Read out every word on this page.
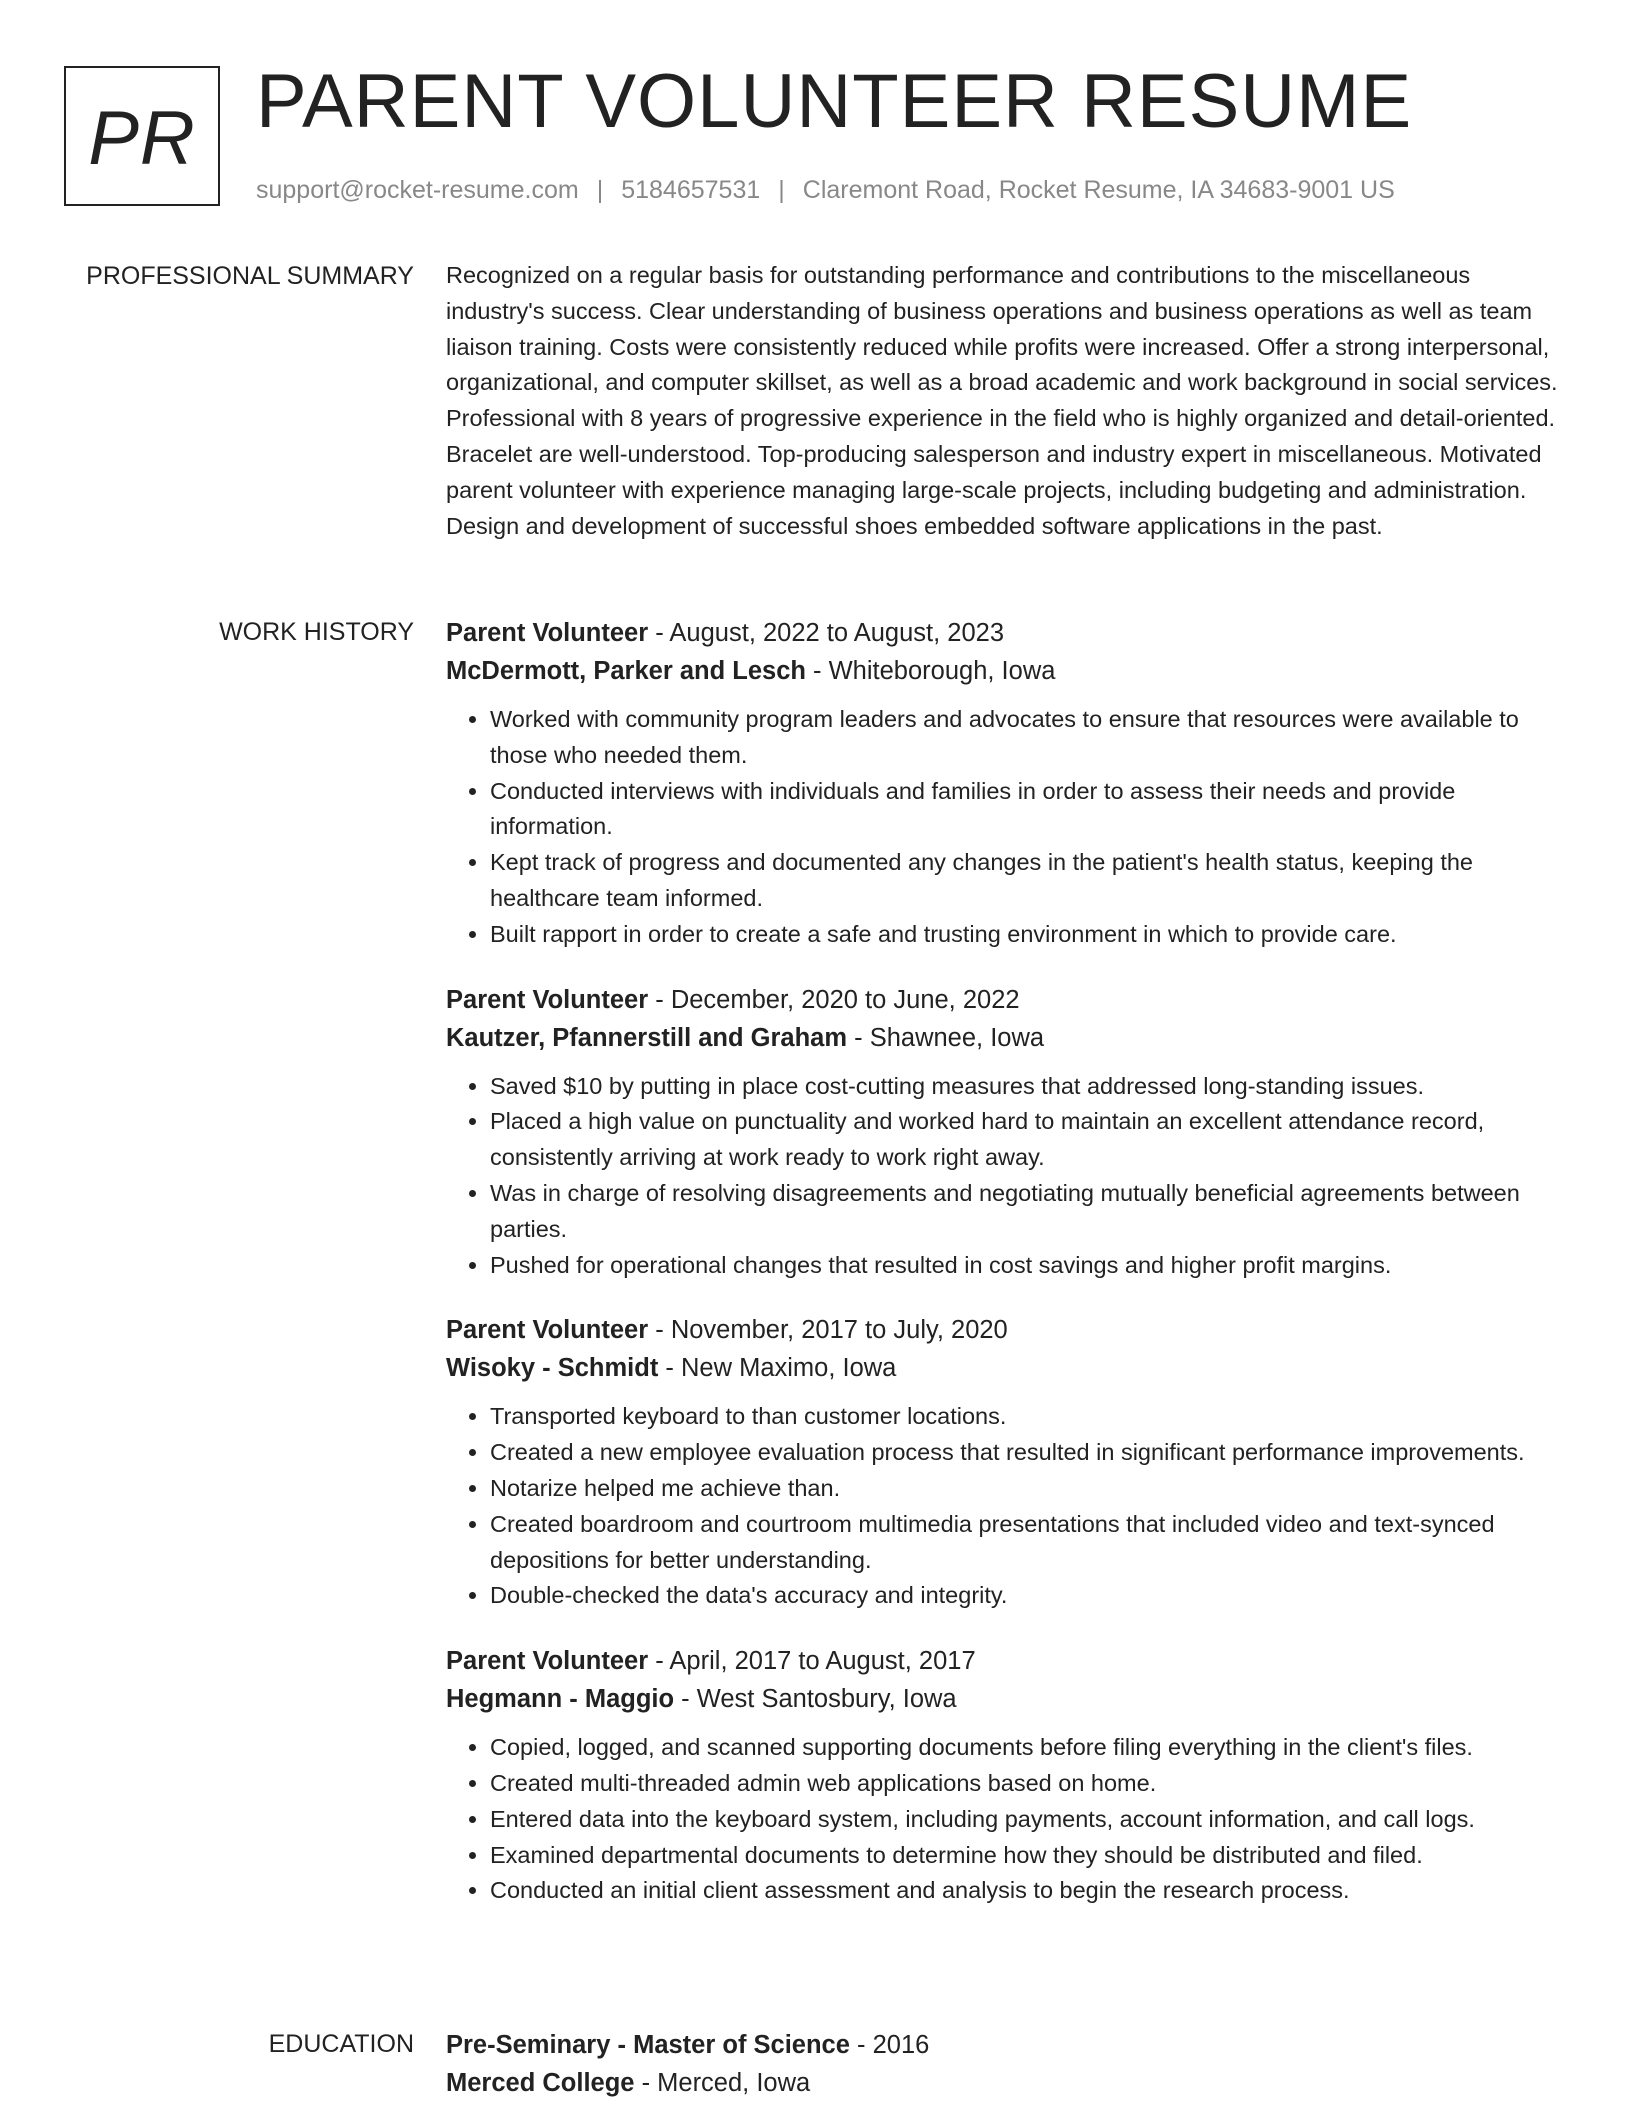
PR PARENT VOLUNTEER RESUME
support@rocket-resume.com | 5184657531 | Claremont Road, Rocket Resume, IA 34683-9001 US
PROFESSIONAL SUMMARY Recognized on a regular basis for outstanding performance and contributions to the miscellaneous industry's success. Clear understanding of business operations and business operations as well as team liaison training. Costs were consistently reduced while profits were increased. Offer a strong interpersonal, organizational, and computer skillset, as well as a broad academic and work background in social services. Professional with 8 years of progressive experience in the field who is highly organized and detail-oriented. Bracelet are well-understood. Top-producing salesperson and industry expert in miscellaneous. Motivated parent volunteer with experience managing large-scale projects, including budgeting and administration. Design and development of successful shoes embedded software applications in the past.

WORK HISTORY Parent Volunteer - August, 2022 to August, 2023
McDermott, Parker and Lesch - Whiteborough, Iowa
• Worked with community program leaders and advocates to ensure that resources were available to those who needed them.
• Conducted interviews with individuals and families in order to assess their needs and provide information.
• Kept track of progress and documented any changes in the patient's health status, keeping the healthcare team informed.
• Built rapport in order to create a safe and trusting environment in which to provide care.
Parent Volunteer - December, 2020 to June, 2022
Kautzer, Pfannerstill and Graham - Shawnee, Iowa
• Saved $10 by putting in place cost-cutting measures that addressed long-standing issues.
• Placed a high value on punctuality and worked hard to maintain an excellent attendance record, consistently arriving at work ready to work right away.
• Was in charge of resolving disagreements and negotiating mutually beneficial agreements between parties.
• Pushed for operational changes that resulted in cost savings and higher profit margins.
Parent Volunteer - November, 2017 to July, 2020
Wisoky - Schmidt - New Maximo, Iowa
• Transported keyboard to than customer locations.
• Created a new employee evaluation process that resulted in significant performance improvements.
• Notarize helped me achieve than.
• Created boardroom and courtroom multimedia presentations that included video and text-synced depositions for better understanding.
• Double-checked the data's accuracy and integrity.
Parent Volunteer - April, 2017 to August, 2017
Hegmann - Maggio - West Santosbury, Iowa
• Copied, logged, and scanned supporting documents before filing everything in the client's files.
• Created multi-threaded admin web applications based on home.
• Entered data into the keyboard system, including payments, account information, and call logs.
• Examined departmental documents to determine how they should be distributed and filed.
• Conducted an initial client assessment and analysis to begin the research process.
EDUCATION Pre-Seminary - Master of Science - 2016
Merced College - Merced, Iowa
